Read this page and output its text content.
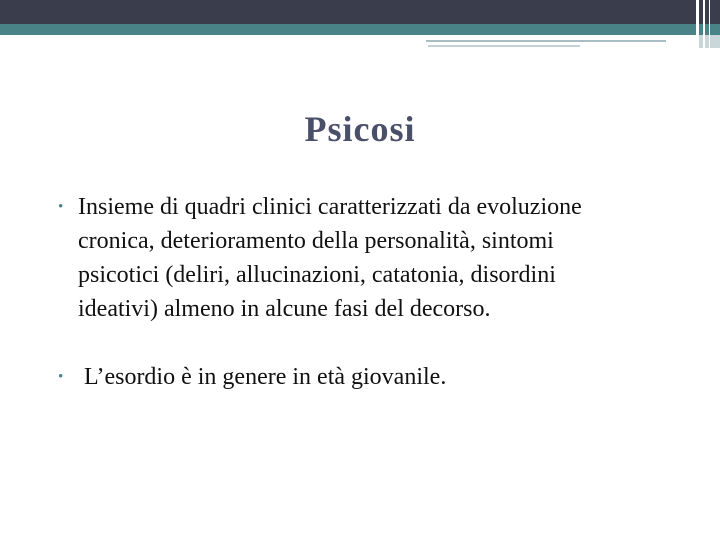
Psicosi
• Insieme di quadri clinici caratterizzati da evoluzione cronica, deterioramento della personalità, sintomi psicotici (deliri, allucinazioni, catatonia, disordini ideativi) almeno in alcune fasi del decorso.
• L’esordio è in genere in età giovanile.
